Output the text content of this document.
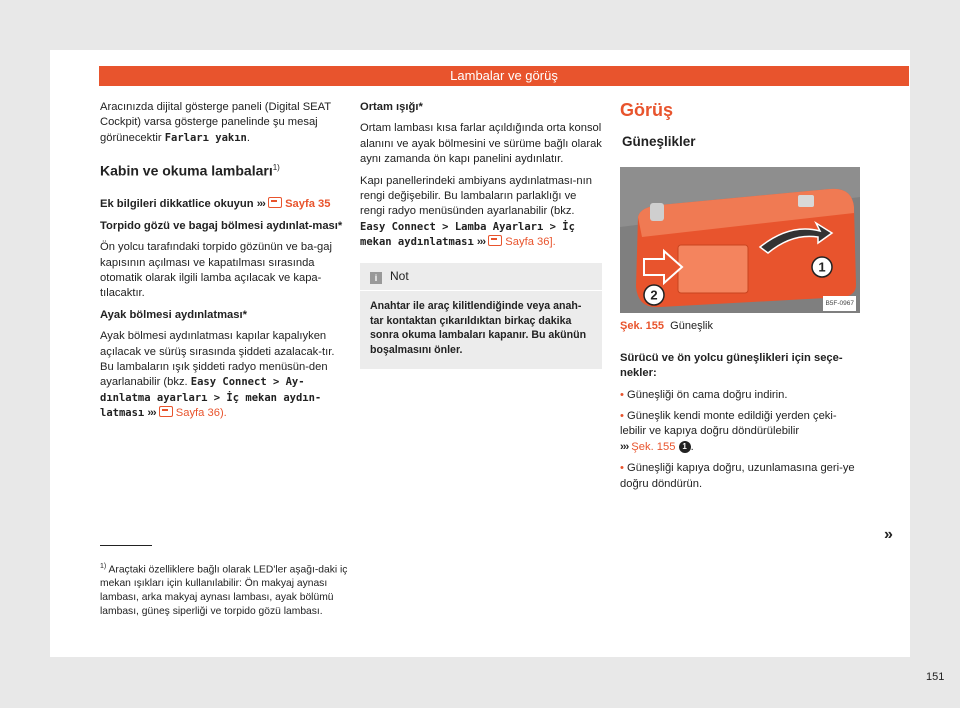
Lambalar ve görüş

Aracınızda dijital gösterge paneli (Digital SEAT Cockpit) varsa gösterge panelinde şu mesaj görünecektir Farları yakın.

Kabin ve okuma lambaları$^{1)}$

Ek bilgileri dikkatlice okuyun ›››  Sayfa 35

Torpido gözü ve bagaj bölmesi aydınlat-ması*

Ön yolcu tarafındaki torpido gözünün ve ba-gaj kapısının açılması ve kapatılması sırasında otomatik olarak ilgili lamba açılacak ve kapa-tılacaktır.

Ayak bölmesi aydınlatması*

Ayak bölmesi aydınlatması kapılar kapalıyken açılacak ve sürüş sırasında şiddeti azalacak-tır. Bu lambaların ışık şiddeti radyo menüsün-den ayarlanabilir (bkz. Easy Connect > Ay-dınlatma ayarları > İç mekan aydın-latması ›››  Sayfa 36).

$^{1)}$ Araçtaki özelliklere bağlı olarak LED'ler aşağı-daki iç mekan ışıkları için kullanılabilir: Ön makyaj aynası lambası, arka makyaj aynası lambası, ayak bölümü lambası, güneş siperliği ve torpido gözü lambası.

Ortam ışığı*

Ortam lambası kısa farlar açıldığında orta konsol alanını ve ayak bölmesini ve sürüme bağlı olarak aynı zamanda ön kapı panelini aydınlatır.

Kapı panellerindeki ambiyans aydınlatması-nın rengi değişebilir. Bu lambaların parlaklığı ve rengi radyo menüsünden ayarlanabilir (bkz. Easy Connect > Lamba Ayarları > İç mekan aydınlatması ›››  Sayfa 36].

i Not
Anahtar ile araç kilitlendiğinde veya anah-tar kontaktan çıkarıldıktan birkaç dakika sonra okuma lambaları kapanır. Bu akünün boşalmasını önler.
Görüş
Güneşlikler
1
2
B5F-0967
Şek. 155 Güneşlik

Sürücü ve ön yolcu güneşlikleri için seçe-nekler:

• Güneşliği ön cama doğru indirin.

• Güneşlik kendi monte edildiği yerden çeki-lebilir ve kapıya doğru döndürülebilir
››› Şek. 155 1 .

• Güneşliği kapıya doğru, uzunlamasına geri-ye doğru döndürün.

»
151
